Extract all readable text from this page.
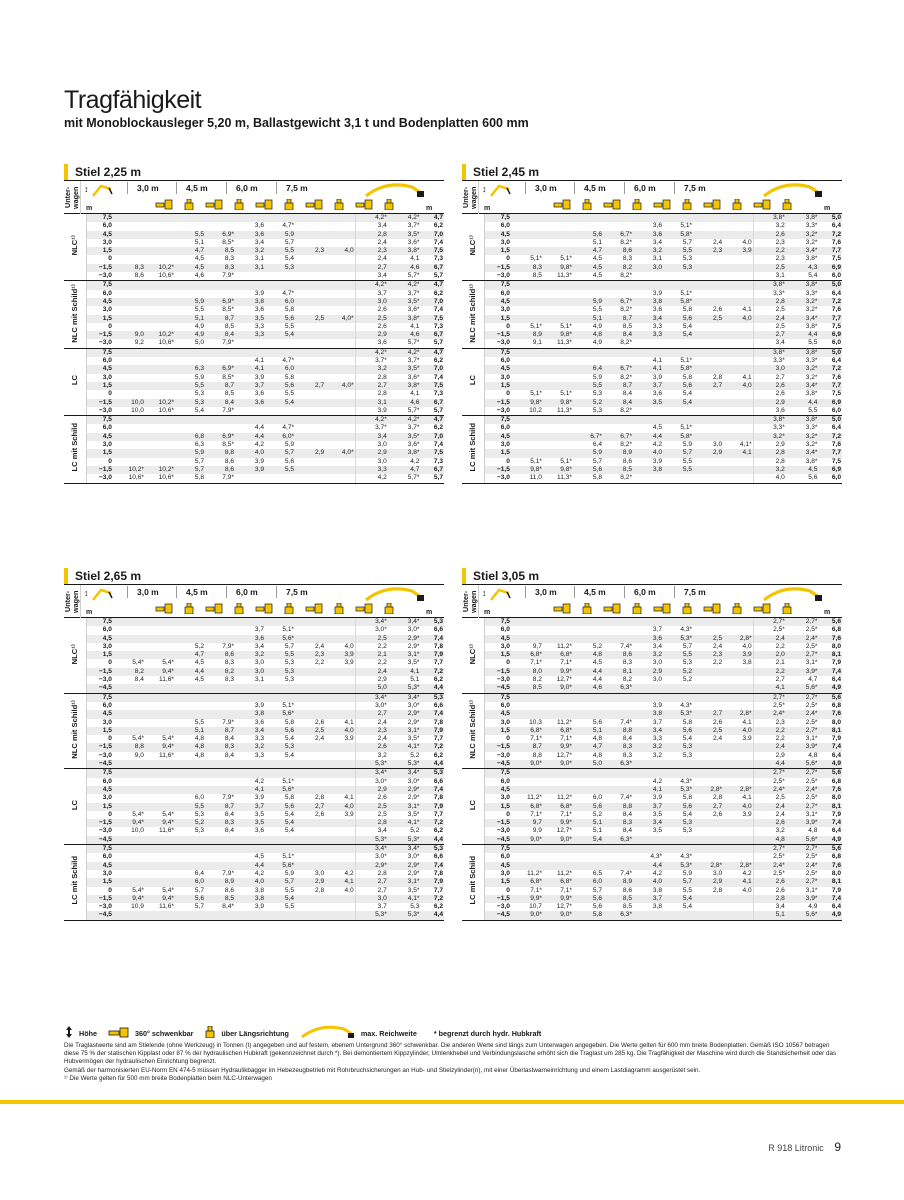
Tragfähigkeit
mit Monoblockausleger 5,20 m, Ballastgewicht 3,1 t und Bodenplatten 600 mm
Stiel 2,25 m
Unter-wagen ↕
m
3,0 m	4,5 m	6,0 m	7,5 m
m
NLC¹⁾	7,5									4,2*	4,2*	4,7
	6,0					3,6	4,7*			3,4	3,7*	6,2
	4,5			5,5	6,9*	3,6	5,9			2,8	3,5*	7,0
	3,0			5,1	8,5*	3,4	5,7			2,4	3,6*	7,4
	1,5			4,7	8,5	3,2	5,5	2,3	4,0	2,3	3,8*	7,5
	0			4,5	8,3	3,1	5,4			2,4	4,1	7,3
	−1,5	8,3	10,2*	4,5	8,3	3,1	5,3			2,7	4,6	6,7
	−3,0	8,6	10,6*	4,6	7,9*					3,4	5,7*	5,7
NLC mit Schild¹⁾	7,5									4,2*	4,2*	4,7
	6,0					3,9	4,7*			3,7	3,7*	6,2
	4,5			5,9	6,9*	3,8	6,0			3,0	3,5*	7,0
	3,0			5,5	8,5*	3,6	5,8			2,6	3,6*	7,4
	1,5			5,1	8,7	3,5	5,6	2,5	4,0*	2,5	3,8*	7,5
	0			4,9	8,5	3,3	5,5			2,6	4,1	7,3
	−1,5	9,0	10,2*	4,9	8,4	3,3	5,4			2,9	4,6	6,7
	−3,0	9,2	10,6*	5,0	7,9*					3,6	5,7*	5,7
LC	7,5									4,2*	4,2*	4,7
	6,0					4,1	4,7*			3,7*	3,7*	6,2
	4,5			6,3	6,9*	4,1	6,0			3,2	3,5*	7,0
	3,0			5,9	8,5*	3,9	5,8			2,8	3,6*	7,4
	1,5			5,5	8,7	3,7	5,6	2,7	4,0*	2,7	3,8*	7,5
	0			5,3	8,5	3,6	5,5			2,8	4,1	7,3
	−1,5	10,0	10,2*	5,3	8,4	3,6	5,4			3,1	4,6	6,7
	−3,0	10,0	10,6*	5,4	7,9*					3,9	5,7*	5,7
LC mit Schild	7,5									4,2*	4,2*	4,7
	6,0					4,4	4,7*			3,7*	3,7*	6,2
	4,5			6,8	6,9*	4,4	6,0*			3,4	3,5*	7,0
	3,0			6,3	8,5*	4,2	5,9			3,0	3,6*	7,4
	1,5			5,9	8,8	4,0	5,7	2,9	4,0*	2,9	3,8*	7,5
	0			5,7	8,6	3,9	5,6			3,0	4,2	7,3
	−1,5	10,2*	10,2*	5,7	8,6	3,9	5,5			3,3	4,7	6,7
	−3,0	10,6*	10,6*	5,8	7,9*					4,2	5,7*	5,7
Stiel 2,45 m
Unter-wagen ↕
m
3,0 m	4,5 m	6,0 m	7,5 m
m
NLC¹⁾	7,5									3,8*	3,8*	5,0
	6,0					3,6	5,1*			3,2	3,3*	6,4
	4,5			5,6	6,7*	3,6	5,8*			2,6	3,2*	7,2
	3,0			5,1	8,2*	3,4	5,7	2,4	4,0	2,3	3,2*	7,6
	1,5			4,7	8,6	3,2	5,5	2,3	3,9	2,2	3,4*	7,7
	0	5,1*	5,1*	4,5	8,3	3,1	5,3			2,3	3,8*	7,5
	−1,5	8,3	9,8*	4,5	8,2	3,0	5,3			2,5	4,3	6,9
	−3,0	8,5	11,3*	4,5	8,2*					3,1	5,4	6,0
NLC mit Schild¹⁾	7,5									3,8*	3,8*	5,0
	6,0					3,9	5,1*			3,3*	3,3*	6,4
	4,5			5,9	6,7*	3,8	5,8*			2,8	3,2*	7,2
	3,0			5,5	8,2*	3,6	5,8	2,6	4,1	2,5	3,2*	7,6
	1,5			5,1	8,7	3,4	5,6	2,5	4,0	2,4	3,4*	7,7
	0	5,1*	5,1*	4,9	8,5	3,3	5,4			2,5	3,8*	7,5
	−1,5	8,9	9,8*	4,8	8,4	3,3	5,4			2,7	4,4	6,9
	−3,0	9,1	11,3*	4,9	8,2*					3,4	5,5	6,0
LC	7,5									3,8*	3,8*	5,0
	6,0					4,1	5,1*			3,3*	3,3*	6,4
	4,5			6,4	6,7*	4,1	5,8*			3,0	3,2*	7,2
	3,0			5,9	8,2*	3,9	5,8	2,8	4,1	2,7	3,2*	7,6
	1,5			5,5	8,7	3,7	5,6	2,7	4,0	2,6	3,4*	7,7
	0	5,1*	5,1*	5,3	8,4	3,6	5,4			2,6	3,8*	7,5
	−1,5	9,8*	9,8*	5,2	8,4	3,5	5,4			2,9	4,4	6,9
	−3,0	10,2	11,3*	5,3	8,2*					3,6	5,5	6,0
LC mit Schild	7,5									3,8*	3,8*	5,0
	6,0					4,5	5,1*			3,3*	3,3*	6,4
	4,5			6,7*	6,7*	4,4	5,8*			3,2*	3,2*	7,2
	3,0			6,4	8,2*	4,2	5,9	3,0	4,1*	2,9	3,2*	7,6
	1,5			5,9	8,9	4,0	5,7	2,9	4,1	2,8	3,4*	7,7
	0	5,1*	5,1*	5,7	8,6	3,9	5,5			2,8	3,8*	7,5
	−1,5	9,8*	9,8*	5,6	8,5	3,8	5,5			3,2	4,5	6,9
	−3,0	11,0	11,3*	5,8	8,2*					4,0	5,6	6,0
Stiel 2,65 m
Unter-wagen ↕
m
3,0 m	4,5 m	6,0 m	7,5 m
m
NLC¹⁾	7,5									3,4*	3,4*	5,3
	6,0					3,7	5,1*			3,0*	3,0*	6,6
	4,5					3,6	5,6*			2,5	2,9*	7,4
	3,0			5,2	7,9*	3,4	5,7	2,4	4,0	2,2	2,9*	7,8
	1,5			4,7	8,6	3,2	5,5	2,3	3,9	2,1	3,1*	7,9
	0	5,4*	5,4*	4,5	8,3	3,0	5,3	2,2	3,9	2,2	3,5*	7,7
	−1,5	8,2	9,4*	4,4	8,2	3,0	5,3			2,4	4,1	7,2
	−3,0	8,4	11,6*	4,5	8,3	3,1	5,3			2,9	5,1	6,2
	−4,5									5,0	5,3*	4,4
NLC mit Schild¹⁾	7,5									3,4*	3,4*	5,3
	6,0					3,9	5,1*			3,0*	3,0*	6,6
	4,5					3,8	5,6*			2,7	2,9*	7,4
	3,0			5,5	7,9*	3,6	5,8	2,6	4,1	2,4	2,9*	7,8
	1,5			5,1	8,7	3,4	5,6	2,5	4,0	2,3	3,1*	7,9
	0	5,4*	5,4*	4,8	8,4	3,3	5,4	2,4	3,9	2,4	3,5*	7,7
	−1,5	8,8	9,4*	4,8	8,3	3,2	5,3			2,6	4,1*	7,2
	−3,0	9,0	11,6*	4,8	8,4	3,3	5,4			3,2	5,2	6,2
	−4,5									5,3*	5,3*	4,4
LC	7,5									3,4*	3,4*	5,3
	6,0					4,2	5,1*			3,0*	3,0*	6,6
	4,5					4,1	5,6*			2,9	2,9*	7,4
	3,0			6,0	7,9*	3,9	5,8	2,8	4,1	2,6	2,9*	7,8
	1,5			5,5	8,7	3,7	5,6	2,7	4,0	2,5	3,1*	7,9
	0	5,4*	5,4*	5,3	8,4	3,5	5,4	2,6	3,9	2,5	3,5*	7,7
	−1,5	9,4*	9,4*	5,2	8,3	3,5	5,4			2,8	4,1*	7,2
	−3,0	10,0	11,6*	5,3	8,4	3,6	5,4			3,4	5,2	6,2
	−4,5									5,3*	5,3*	4,4
LC mit Schild	7,5									3,4*	3,4*	5,3
	6,0					4,5	5,1*			3,0*	3,0*	6,6
	4,5					4,4	5,6*			2,9*	2,9*	7,4
	3,0			6,4	7,9*	4,2	5,9	3,0	4,2	2,8	2,9*	7,8
	1,5			6,0	8,9	4,0	5,7	2,9	4,1	2,7	3,1*	7,9
	0	5,4*	5,4*	5,7	8,6	3,8	5,5	2,8	4,0	2,7	3,5*	7,7
	−1,5	9,4*	9,4*	5,6	8,5	3,8	5,4			3,0	4,1*	7,2
	−3,0	10,9	11,6*	5,7	8,4*	3,9	5,5			3,7	5,3	6,2
	−4,5									5,3*	5,3*	4,4
Stiel 3,05 m
Unter-wagen ↕
m
3,0 m	4,5 m	6,0 m	7,5 m
m
NLC¹⁾	7,5									2,7*	2,7*	5,6
	6,0					3,7	4,3*			2,5*	2,5*	6,8
	4,5					3,6	5,3*	2,5	2,8*	2,4	2,4*	7,6
	3,0	9,7	11,2*	5,2	7,4*	3,4	5,7	2,4	4,0	2,2	2,5*	8,0
	1,5	6,8*	6,8*	4,8	8,6	3,2	5,5	2,3	3,9	2,0	2,7*	8,1
	0	7,1*	7,1*	4,5	8,3	3,0	5,3	2,2	3,8	2,1	3,1*	7,9
	−1,5	8,0	9,9*	4,4	8,1	2,9	5,2			2,2	3,9*	7,4
	−3,0	8,2	12,7*	4,4	8,2	3,0	5,2			2,7	4,7	6,4
	−4,5	8,5	9,0*	4,6	6,3*					4,1	5,6*	4,9
NLC mit Schild¹⁾	7,5									2,7*	2,7*	5,6
	6,0					3,9	4,3*			2,5*	2,5*	6,8
	4,5					3,8	5,3*	2,7	2,8*	2,4*	2,4*	7,6
	3,0	10,3	11,2*	5,6	7,4*	3,7	5,8	2,6	4,1	2,3	2,5*	8,0
	1,5	6,8*	6,8*	5,1	8,8	3,4	5,6	2,5	4,0	2,2	2,7*	8,1
	0	7,1*	7,1*	4,8	8,4	3,3	5,4	2,4	3,9	2,2	3,1*	7,9
	−1,5	8,7	9,9*	4,7	8,3	3,2	5,3			2,4	3,9*	7,4
	−3,0	8,8	12,7*	4,8	8,3	3,2	5,3			2,9	4,8	6,4
	−4,5	9,0*	9,0*	5,0	6,3*					4,4	5,6*	4,9
LC	7,5									2,7*	2,7*	5,6
	6,0					4,2	4,3*			2,5*	2,5*	6,8
	4,5					4,1	5,3*	2,8*	2,8*	2,4*	2,4*	7,6
	3,0	11,2*	11,2*	6,0	7,4*	3,9	5,8	2,8	4,1	2,5	2,5*	8,0
	1,5	6,8*	6,8*	5,6	8,8	3,7	5,6	2,7	4,0	2,4	2,7*	8,1
	0	7,1*	7,1*	5,2	8,4	3,5	5,4	2,6	3,9	2,4	3,1*	7,9
	−1,5	9,7	9,9*	5,1	8,3	3,4	5,3			2,6	3,9*	7,4
	−3,0	9,9	12,7*	5,1	8,4	3,5	5,3			3,2	4,8	6,4
	−4,5	9,0*	9,0*	5,4	6,3*					4,8	5,6*	4,9
LC mit Schild	7,5									2,7*	2,7*	5,6
	6,0					4,3*	4,3*			2,5*	2,5*	6,8
	4,5					4,4	5,3*	2,8*	2,8*	2,4*	2,4*	7,6
	3,0	11,2*	11,2*	6,5	7,4*	4,2	5,9	3,0	4,2	2,5*	2,5*	8,0
	1,5	6,8*	6,8*	6,0	8,9	4,0	5,7	2,9	4,1	2,6	2,7*	8,1
	0	7,1*	7,1*	5,7	8,6	3,8	5,5	2,8	4,0	2,6	3,1*	7,9
	−1,5	9,9*	9,9*	5,6	8,5	3,7	5,4			2,8	3,9*	7,4
	−3,0	10,7	12,7*	5,6	8,5	3,8	5,4			3,4	4,9	6,4
	−4,5	9,0*	9,0*	5,8	6,3*					5,1	5,6*	4,9
Höhe	360° schwenkbar	über Längsrichtung	max. Reichweite * begrenzt durch hydr. Hubkraft
Die Traglastwerte sind am Stielende (ohne Werkzeug) in Tonnen (t) angegeben und auf festem, ebenem Untergrund 360° schwenkbar. Die anderen Werte sind längs zum Unterwagen angegeben. Die Werte gelten für 600 mm breite Bodenplatten. Gemäß ISO 10567 betragen diese 75 % der statischen Kipplast oder 87 % der hydraulischen Hubkraft (gekennzeichnet durch *). Bei demontiertem Kippzylinder, Umlenkhebel und Verbindungslasche erhöht sich die Traglast um 285 kg. Die Tragfähigkeit der Maschine wird durch die Standsicherheit oder das Hubvermögen der hydraulischen Einrichtung begrenzt.
Gemäß der harmonisierten EU-Norm EN 474-5 müssen Hydraulikbagger im Hebezeugbetrieb mit Rohrbruchsicherungen an Hub- und Stielzylinder(n), mit einer Überlastwarneinrichtung und einem Lastdiagramm ausgerüstet sein.
¹⁾ Die Werte gelten für 500 mm breite Bodenplatten beim NLC-Unterwagen
R 918 Litronic 9
